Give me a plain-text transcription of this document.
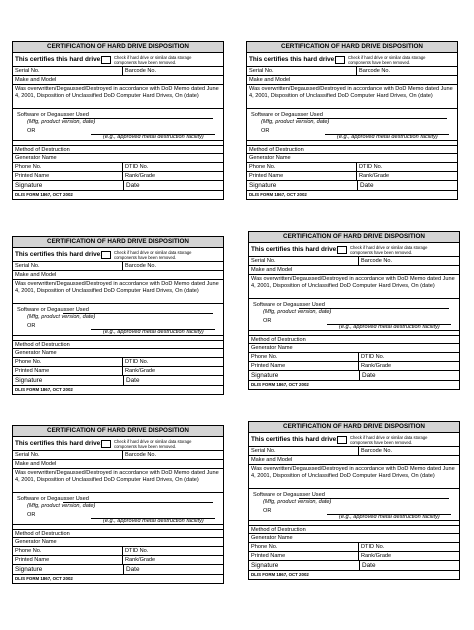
CERTIFICATION OF HARD DRIVE DISPOSITION
This certifies this hard drive:	Check if hard drive or similar data storage components have been removed.
Serial No.	Barcode No.
Make and Model
Was overwritten/Degaussed/Destroyed in accordance with DoD Memo dated June 4, 2001, Disposition of Unclassified DoD Computer Hard Drives, On (date)
Software or Degausser Used
(Mfg, product version, date)
OR
(e.g., approved metal destruction facility)
Method of Destruction
Generator Name
Phone No.	DTID No.
Printed Name	Rank/Grade
Signature	Date
DLIS FORM 1867, OCT 2002
CERTIFICATION OF HARD DRIVE DISPOSITION
This certifies this hard drive:	Check if hard drive or similar data storage components have been removed.
Serial No.	Barcode No.
Make and Model
Was overwritten/Degaussed/Destroyed in accordance with DoD Memo dated June 4, 2001, Disposition of Unclassified DoD Computer Hard Drives, On (date)
Software or Degausser Used
(Mfg, product version, date)
OR
(e.g., approved metal destruction facility)
Method of Destruction
Generator Name
Phone No.	DTID No.
Printed Name	Rank/Grade
Signature	Date
DLIS FORM 1867, OCT 2002
CERTIFICATION OF HARD DRIVE DISPOSITION
This certifies this hard drive:	Check if hard drive or similar data storage components have been removed.
Serial No.	Barcode No.
Make and Model
Was overwritten/Degaussed/Destroyed in accordance with DoD Memo dated June 4, 2001, Disposition of Unclassified DoD Computer Hard Drives, On (date)
Software or Degausser Used
(Mfg, product version, date)
OR
(e.g., approved metal destruction facility)
Method of Destruction
Generator Name
Phone No.	DTID No.
Printed Name	Rank/Grade
Signature	Date
DLIS FORM 1867, OCT 2002
CERTIFICATION OF HARD DRIVE DISPOSITION
This certifies this hard drive:	Check if hard drive or similar data storage components have been removed.
Serial No.	Barcode No.
Make and Model
Was overwritten/Degaussed/Destroyed in accordance with DoD Memo dated June 4, 2001, Disposition of Unclassified DoD Computer Hard Drives, On (date)
Software or Degausser Used
(Mfg, product version, date)
OR
(e.g., approved metal destruction facility)
Method of Destruction
Generator Name
Phone No.	DTID No.
Printed Name	Rank/Grade
Signature	Date
DLIS FORM 1867, OCT 2002
CERTIFICATION OF HARD DRIVE DISPOSITION
This certifies this hard drive:	Check if hard drive or similar data storage components have been removed.
Serial No.	Barcode No.
Make and Model
Was overwritten/Degaussed/Destroyed in accordance with DoD Memo dated June 4, 2001, Disposition of Unclassified DoD Computer Hard Drives, On (date)
Software or Degausser Used
(Mfg, product version, date)
OR
(e.g., approved metal destruction facility)
Method of Destruction
Generator Name
Phone No.	DTID No.
Printed Name	Rank/Grade
Signature	Date
DLIS FORM 1867, OCT 2002
CERTIFICATION OF HARD DRIVE DISPOSITION
This certifies this hard drive:	Check if hard drive or similar data storage components have been removed.
Serial No.	Barcode No.
Make and Model
Was overwritten/Degaussed/Destroyed in accordance with DoD Memo dated June 4, 2001, Disposition of Unclassified DoD Computer Hard Drives, On (date)
Software or Degausser Used
(Mfg, product version, date)
OR
(e.g., approved metal destruction facility)
Method of Destruction
Generator Name
Phone No.	DTID No.
Printed Name	Rank/Grade
Signature	Date
DLIS FORM 1867, OCT 2002
